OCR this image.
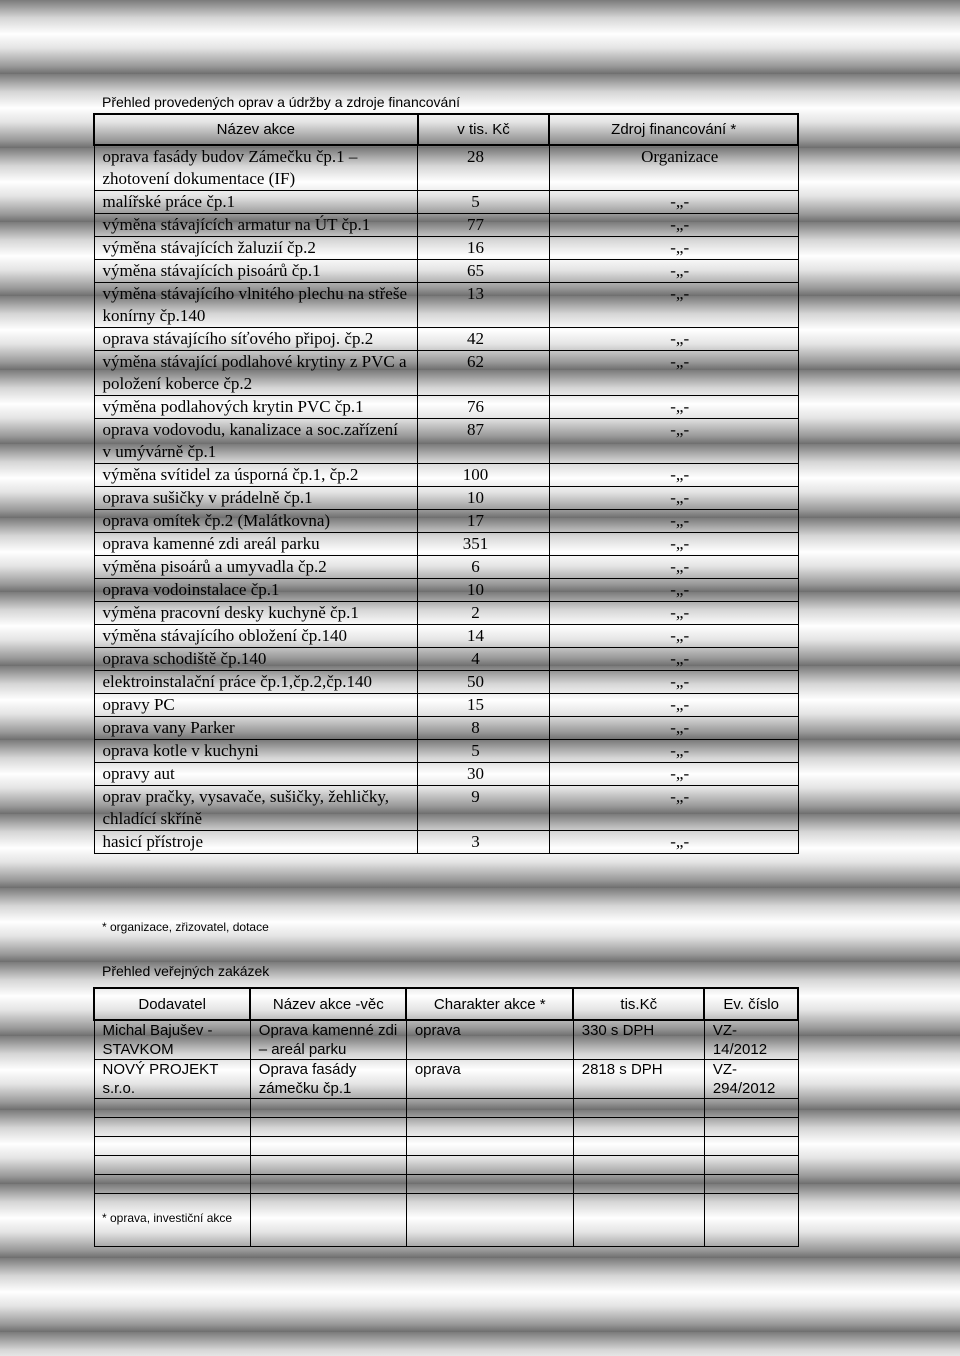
Přehled provedených oprav a údržby a zdroje financování
Název akce	v tis. Kč	Zdroj financování *
oprava fasády budov Zámečku čp.1 – zhotovení dokumentace (IF)	28	Organizace
malířské práce čp.1	5	-„-
výměna stávajících armatur na ÚT čp.1	77	-„-
výměna stávajících žaluzií čp.2	16	-„-
výměna stávajících pisoárů čp.1	65	-„-
výměna stávajícího vlnitého plechu na střeše konírny čp.140	13	-„-
oprava stávajícího síťového připoj. čp.2	42	-„-
výměna stávající podlahové krytiny z PVC a položení koberce čp.2	62	-„-
výměna podlahových krytin PVC čp.1	76	-„-
oprava vodovodu, kanalizace a soc.zařízení v umývárně čp.1	87	-„-
výměna svítidel za úsporná čp.1, čp.2	100	-„-
oprava sušičky v prádelně čp.1	10	-„-
oprava omítek čp.2 (Malátkovna)	17	-„-
oprava kamenné zdi areál parku	351	-„-
výměna pisoárů a umyvadla čp.2	6	-„-
oprava vodoinstalace čp.1	10	-„-
výměna pracovní desky kuchyně čp.1	2	-„-
výměna stávajícího obložení čp.140	14	-„-
oprava schodiště čp.140	4	-„-
elektroinstalační práce čp.1,čp.2,čp.140	50	-„-
opravy PC	15	-„-
oprava vany Parker	8	-„-
oprava kotle v kuchyni	5	-„-
opravy aut	30	-„-
oprav pračky, vysavače, sušičky, žehličky, chladící skříně	9	-„-
hasicí přístroje	3	-„-
* organizace, zřizovatel, dotace
Přehled veřejných zakázek
Dodavatel	Název akce -věc	Charakter akce *	tis.Kč	Ev. číslo
Michal Bajušev - STAVKOM	Oprava kamenné zdi – areál parku	oprava	330 s DPH	VZ- 14/2012
NOVÝ PROJEKT s.r.o.	Oprava fasády zámečku čp.1	oprava	2818 s DPH	VZ- 294/2012

* oprava, investiční akce
